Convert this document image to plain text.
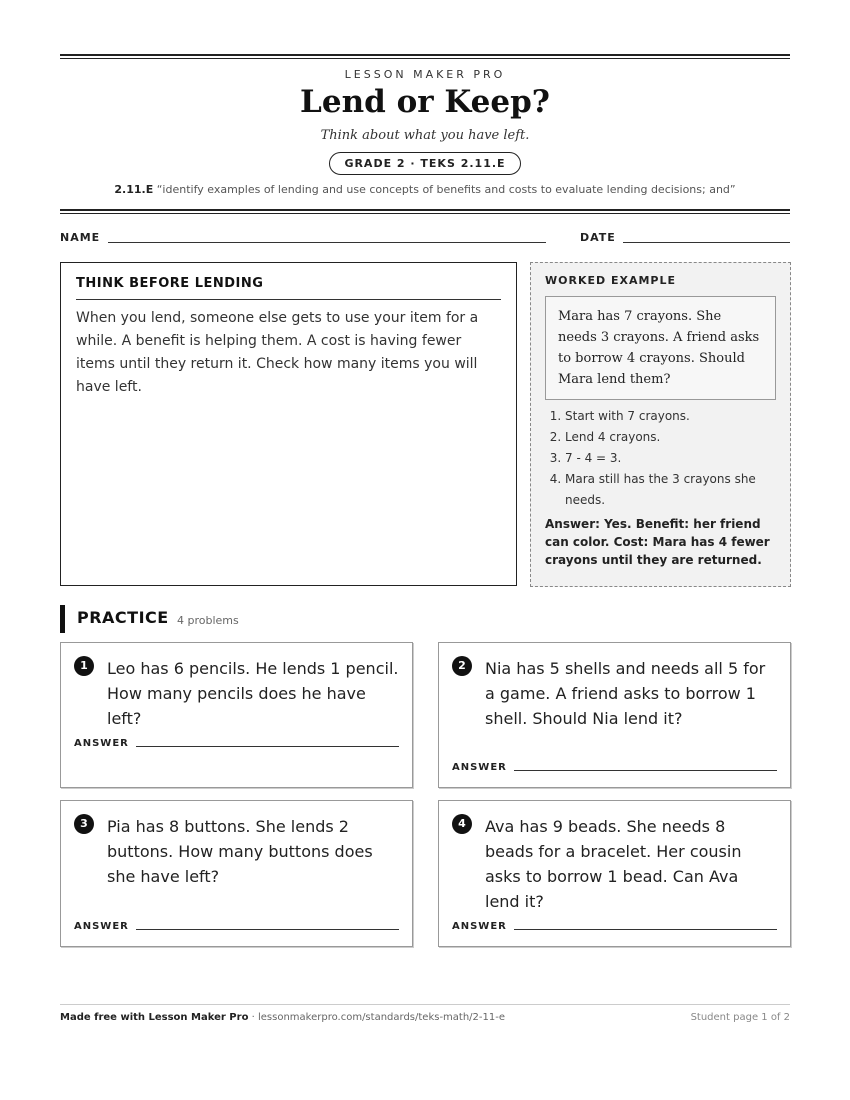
LESSON MAKER PRO
Lend or Keep?
Think about what you have left.
GRADE 2 · TEKS 2.11.E
2.11.E “identify examples of lending and use concepts of benefits and costs to evaluate lending decisions; and”
NAME	DATE
THINK BEFORE LENDING
When you lend, someone else gets to use your item for a while. A benefit is helping them. A cost is having fewer items until they return it. Check how many items you will have left.
WORKED EXAMPLE
Mara has 7 crayons. She needs 3 crayons. A friend asks to borrow 4 crayons. Should Mara lend them?
1. Start with 7 crayons.
2. Lend 4 crayons.
3. 7 - 4 = 3.
4. Mara still has the 3 crayons she needs.
Answer: Yes. Benefit: her friend can color. Cost: Mara has 4 fewer crayons until they are returned.
PRACTICE 4 problems
1	Leo has 6 pencils. He lends 1 pencil. How many pencils does he have left?
ANSWER
2	Nia has 5 shells and needs all 5 for a game. A friend asks to borrow 1 shell. Should Nia lend it?
ANSWER
3	Pia has 8 buttons. She lends 2 buttons. How many buttons does she have left?
ANSWER
4	Ava has 9 beads. She needs 8 beads for a bracelet. Her cousin asks to borrow 1 bead. Can Ava lend it?
ANSWER
Made free with Lesson Maker Pro · lessonmakerpro.com/standards/teks-math/2-11-e	Student page 1 of 2
